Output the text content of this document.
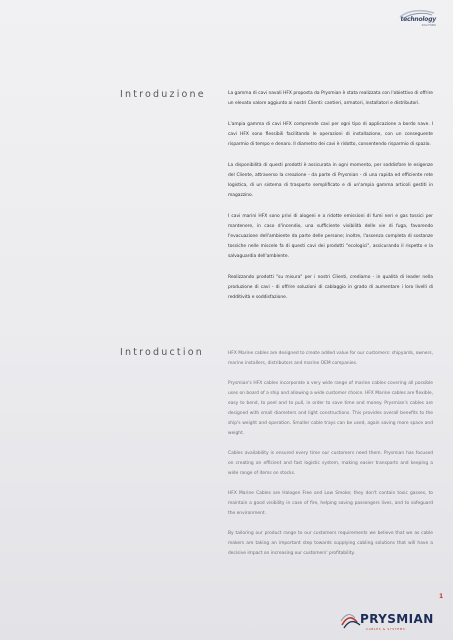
technology
SOLUTIONS
Introduzione	La gamma di cavi navali HFX proposta da Prysmian è stata realizzata con l'obiettivo di offrire un elevato valore aggiunto ai nostri Clienti: cantieri, armatori, installatori e distributori.

L'ampia gamma di cavi HFX comprende cavi per ogni tipo di applicazione a bordo nave. I cavi HFX sono flessibili facilitando le operazioni di installazione, con un conseguente risparmio di tempo e denaro. Il diametro dei cavi è ridotto, consentendo risparmio di spazio.

La disponibilità di questi prodotti è assicurata in ogni momento, per soddisfare le esigenze del Cliente, attraverso la creazione - da parte di Prysmian - di una rapida ed efficiente rete logistica, di un sistema di trasporto semplificato e di un'ampia gamma articoli gestiti in magazzino.

I cavi marini HFX sono privi di alogeni e a ridotte emissioni di fumi neri e gas tossici per mantenere, in caso d'incendio, una sufficiente visibilità delle vie di fuga, favorendo l'evacuazione dell'ambiente da parte delle persone; inoltre, l'assenza completa di sostanze tossiche nelle miscele fa di questi cavi dei prodotti "ecologici", assicurando il rispetto e la salvaguardia dell'ambiente.

Realizzando prodotti "su misura" per i nostri Clienti, crediamo - in qualità di leader nella produzione di cavi - di offrire soluzioni di cablaggio in grado di aumentare i loro livelli di redditività e soddisfazione.

Introduction	HFX Marine cables are designed to create added value for our customers: shipyards, owners, marine installers, distributors and marine OEM companies.

Prysmian's HFX cables incorporate a very wide range of marine cables covering all possible uses on board of a ship and allowing a wide customer choice. HFX Marine cables are flexible, easy to bend, to peel and to pull, in order to save time and money. Prysmian's cables are designed with small diameters and light constructions. This provides overall benefits to the ship's weight and operation. Smaller cable trays can be used, again saving more space and weight.

Cables availability is ensured every time our customers need them. Prysmian has focused on creating an efficient and fast logistic system, making easier transports and keeping a wide range of items on stocks.

HFX Marine Cables are Halogen Free and Low Smoke; they don't contain toxic gasses, to maintain a good visibility in case of fire, helping saving passengers lives, and to safeguard the environment.

By tailoring our product range to our customers requirements we believe that we as cable makers are taking an important step towards supplying cabling solutions that will have a decisive impact on increasing our customers' profitability.

1
PRYSMIAN
CABLES & SYSTEMS
